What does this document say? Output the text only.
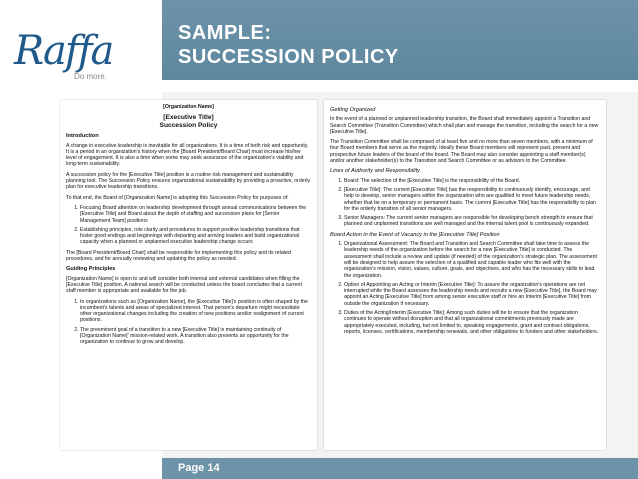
Raffa
Do more.
SAMPLE:
SUCCESSION POLICY

[Organization Name]

[Executive Title]
Succession Policy
Introduction

A change in executive leadership is inevitable for all organizations. It is a time of both risk and opportunity. It is a period in an organization's history when the [Board President/Board Chair] must increase his/her level of engagement. It is also a time when some may seek assurance of the organization's viability and long-term sustainability.

A succession policy for the [Executive Title] position is a routine risk management and sustainability planning tool. The Succession Policy ensures organizational sustainability by providing a proactive, orderly plan for executive leadership transitions.

To that end, the Board of [Organization Name] is adopting this Succession Policy for purposes of:

1. Focusing Board attention on leadership development through annual communications between the [Executive Title] and Board about the depth of staffing and succession plans for [Senior Management Team] positions
2. Establishing principles, role clarity and procedures to support positive leadership transitions that foster good endings and beginnings with departing and arriving leaders and build organizational capacity when a planned or unplanned executive leadership change occurs

The [Board President/Board Chair] shall be responsible for implementing this policy and its related procedures, and for annually reviewing and updating the policy as needed.

Guiding Principles

[Organization Name] is open to and will consider both internal and external candidates when filling the [Executive Title] position. A national search will be conducted unless the board concludes that a current staff member is appropriate and available for the job.

1. In organizations such as [Organization Name], the [Executive Title]'s position is often shaped by the incumbent's talents and areas of specialized interest. That person's departure might necessitate other organizational changes including the creation of new positions and/or realignment of current positions.
2. The preeminent goal of a transition to a new [Executive Title] is maintaining continuity of [Organization Name]' mission-related work. A transition also presents an opportunity for the organization to continue to grow and develop.
Getting Organized

In the event of a planned or unplanned leadership transition, the Board shall immediately appoint a Transition and Search Committee (Transition Committee) which shall plan and manage the transition, including the search for a new [Executive Title].

The Transition Committee shall be comprised of at least five and no more than seven members, with a minimum of four Board members that serve as the majority. Ideally these Board members will represent past, present and prospective future leaders of the board of the board. The Board may also consider appointing a staff member(s) and/or another stakeholder(s) to the Transition and Search Committee or as advisors to the Committee.

Lines of Authority and Responsibility
1. Board: The selection of the [Executive Title] is the responsibility of the Board.
2. [Executive Title]: The current [Executive Title] has the responsibility to continuously identify, encourage, and help to develop, senior managers within the organization who are qualified to meet future leadership needs, whether that be on a temporary or permanent basis. The current [Executive Title] has the responsibility to plan for the orderly transition of all senior managers.
3. Senior Managers: The current senior managers are responsible for developing bench strength to ensure that planned and unplanned transitions are well managed and the internal talent pool is continuously expanded.
Board Action in the Event of Vacancy in the [Executive Title] Position
1. Organizational Assessment: The Board and Transition and Search Committee shall take time to assess the leadership needs of the organization before the search for a new [Executive Title] is conducted. The assessment shall include a review and update (if needed) of the organization's strategic plan. The assessment will be designed to help assure the selection of a qualified and capable leader who fits well with the organization's mission, vision, values, culture, goals, and objectives, and who has the necessary skills to lead the organization.
2. Option of Appointing an Acting or Interim [Executive Title]: To assure the organization's operations are not interrupted while the Board assesses the leadership needs and recruits a new [Executive Title], the Board may appoint an Acting [Executive Title] from among senior executive staff or hire an Interim [Executive Title] from outside the organization if necessary.
3. Duties of the Acting/Interim [Executive Title]: Among such duties will be to ensure that the organization continues to operate without disruption and that all organizational commitments previously made are appropriately executed, including, but not limited to, speaking engagements, grant and contract obligations, reports, licenses, certifications, membership renewals, and other obligations to funders and other stakeholders.
Page 14
